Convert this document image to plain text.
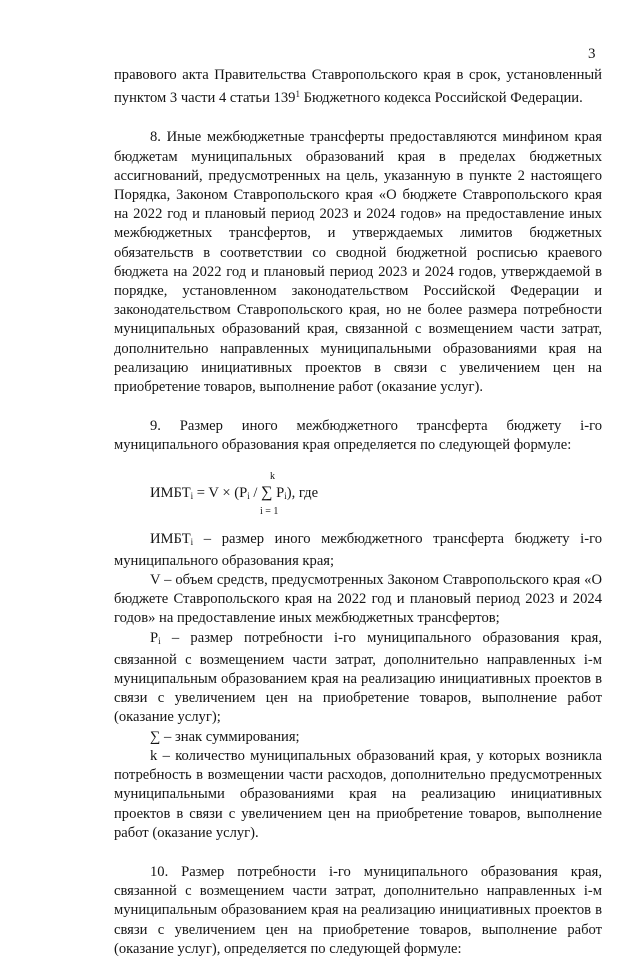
3

правового акта Правительства Ставропольского края в срок, установленный пунктом 3 части 4 статьи $139^1$ Бюджетного кодекса Российской Федерации.

8. Иные межбюджетные трансферты предоставляются минфином края бюджетам муниципальных образований края в пределах бюджетных ассигнований, предусмотренных на цель, указанную в пункте 2 настоящего Порядка, Законом Ставропольского края «О бюджете Ставропольского края на 2022 год и плановый период 2023 и 2024 годов» на предоставление иных межбюджетных трансфертов, и утверждаемых лимитов бюджетных обязательств в соответствии со сводной бюджетной росписью краевого бюджета на 2022 год и плановый период 2023 и 2024 годов, утверждаемой в порядке, установленном законодательством Российской Федерации и законодательством Ставропольского края, но не более размера потребности муниципальных образований края, связанной с возмещением части затрат, дополнительно направленных муниципальными образованиями края на реализацию инициативных проектов в связи с увеличением цен на приобретение товаров, выполнение работ (оказание услуг).

9. Размер иного межбюджетного трансферта бюджету i-го муниципального образования края определяется по следующей формуле:

$ИМБТ_i = V \times (P_i$ / ∑ $P_i$), где
k
i = 1

$ИМБТ_i$ – размер иного межбюджетного трансферта бюджету i-го муниципального образования края;

V – объем средств, предусмотренных Законом Ставропольского края «О бюджете Ставропольского края на 2022 год и плановый период 2023 и 2024 годов» на предоставление иных межбюджетных трансфертов;

$P_i$ – размер потребности i-го муниципального образования края, связанной с возмещением части затрат, дополнительно направленных i-м муниципальным образованием края на реализацию инициативных проектов в связи с увеличением цен на приобретение товаров, выполнение работ (оказание услуг);

∑ – знак суммирования;

k – количество муниципальных образований края, у которых возникла потребность в возмещении части расходов, дополнительно предусмотренных муниципальными образованиями края на реализацию инициативных проектов в связи с увеличением цен на приобретение товаров, выполнение работ (оказание услуг).

10. Размер потребности i-го муниципального образования края, связанной с возмещением части затрат, дополнительно направленных i-м муниципальным образованием края на реализацию инициативных проектов в связи с увеличением цен на приобретение товаров, выполнение работ (оказание услуг), определяется по следующей формуле:
